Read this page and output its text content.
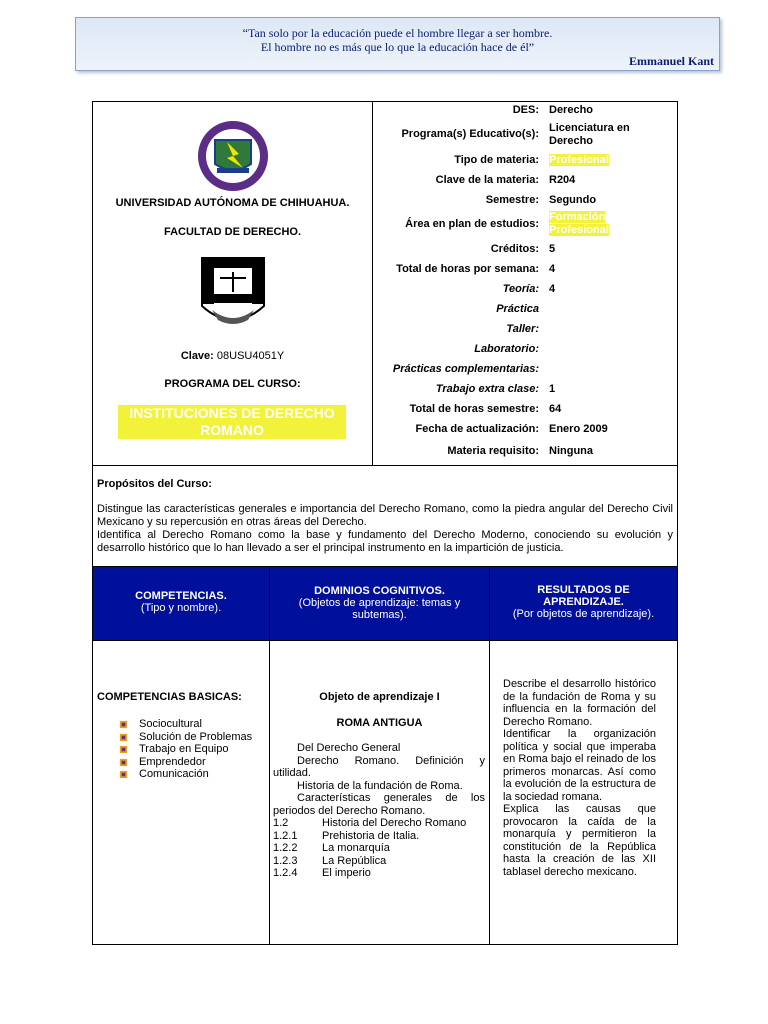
“Tan solo por la educación puede el hombre llegar a ser hombre.
El hombre no es más que lo que la educación hace de él”
Emmanuel Kant
UNIVERSIDAD AUTÓNOMA DE CHIHUAHUA.
FACULTAD DE DERECHO.
Clave: 08USU4051Y
PROGRAMA DEL CURSO:
INSTITUCIONES DE DERECHO
ROMANO
DES: Derecho
Programa(s) Educativo(s): Licenciatura en
Derecho
Tipo de materia: Profesional
Clave de la materia: R204
Semestre: Segundo
Área en plan de estudios:
Formación
Profesional
Créditos: 5
Total de horas por semana: 4
Teoría: 4
Práctica
Taller:
Laboratorio:
Prácticas complementarias:
Trabajo extra clase: 1
Total de horas semestre: 64
Fecha de actualización: Enero 2009
Materia requisito: Ninguna
Propósitos del Curso:
Distingue las características generales e importancia del Derecho Romano, como la piedra angular del Derecho Civil Mexicano y su repercusión en otras áreas del Derecho.
Identifica al Derecho Romano como la base y fundamento del Derecho Moderno, conociendo su evolución y desarrollo histórico que lo han llevado a ser el principal instrumento en la impartición de justicia.
COMPETENCIAS.
(Tipo y nombre).
DOMINIOS COGNITIVOS.
(Objetos de aprendizaje: temas y subtemas).
RESULTADOS DE APRENDIZAJE.
(Por objetos de aprendizaje).
COMPETENCIAS BASICAS:
Sociocultural
Solución de Problemas
Trabajo en Equipo
Emprendedor
Comunicación
Objeto de aprendizaje I
ROMA ANTIGUA
Del Derecho General
Derecho Romano. Definición y utilidad.
Historia de la fundación de Roma.
Características generales de los periodos del Derecho Romano.
1.2	Historia del Derecho Romano
1.2.1 Prehistoria de Italia.
1.2.2 La monarquía
1.2.3 La República
1.2.4 El imperio
Describe el desarrollo histórico de la fundación de Roma y su influencia en la formación del Derecho Romano.
Identificar la organización política y social que imperaba en Roma bajo el reinado de los primeros monarcas. Así como la evolución de la estructura de la sociedad romana.
Explica las causas que provocaron la caída de la monarquía y permitieron la constitución de la República hasta la creación de las XII tablasel derecho mexicano.
